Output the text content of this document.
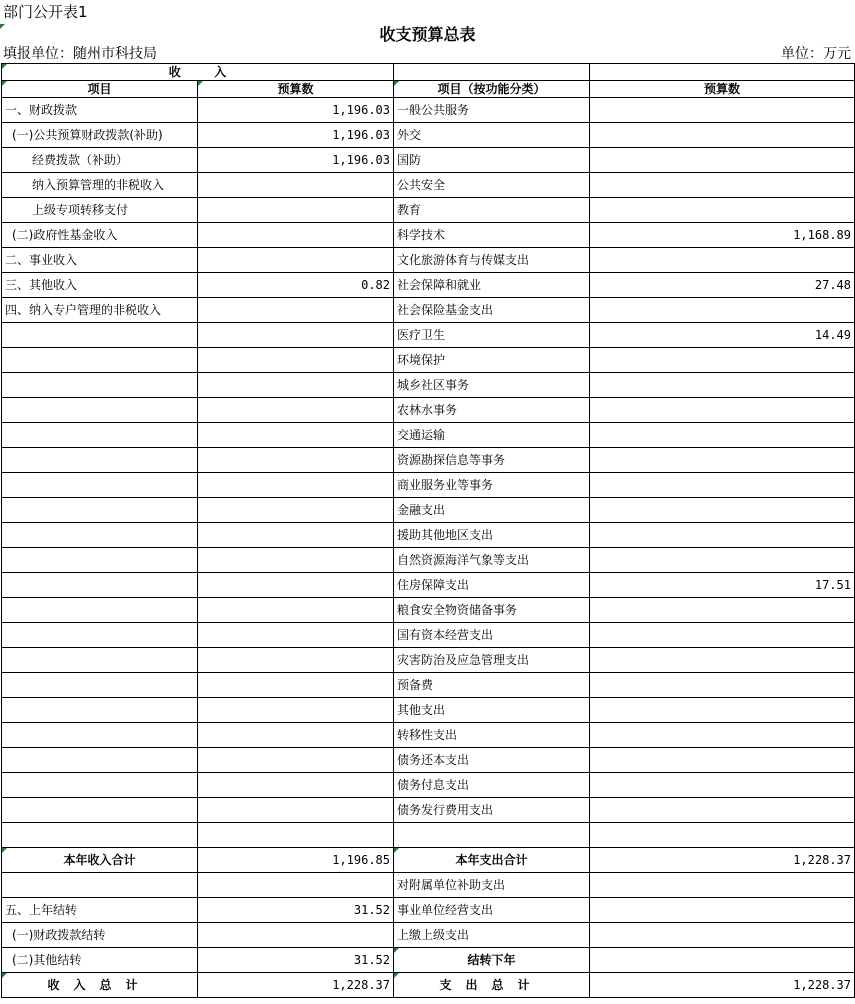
部门公开表1
收支预算总表
填报单位：随州市科技局	单位：万元
收        入			
项目	预算数	项目（按功能分类）	预算数
一、财政拨款	1,196.03	一般公共服务	
(一)公共预算财政拨款(补助)	1,196.03	外交	
经费拨款（补助）	1,196.03	国防	
纳入预算管理的非税收入		公共安全	
上级专项转移支付		教育	
(二)政府性基金收入		科学技术	1,168.89
二、事业收入		文化旅游体育与传媒支出	
三、其他收入	0.82	社会保障和就业	27.48
四、纳入专户管理的非税收入		社会保险基金支出	
		医疗卫生	14.49
		环境保护	
		城乡社区事务	
		农林水事务	
		交通运输	
		资源勘探信息等事务	
		商业服务业等事务	
		金融支出	
		援助其他地区支出	
		自然资源海洋气象等支出	
		住房保障支出	17.51
		粮食安全物资储备事务	
		国有资本经营支出	
		灾害防治及应急管理支出	
		预备费	
		其他支出	
		转移性支出	
		债务还本支出	
		债务付息支出	
		债务发行费用支出	

本年收入合计	1,196.85	本年支出合计	1,228.37
		对附属单位补助支出	
五、上年结转	31.52	事业单位经营支出	
(一)财政拨款结转		上缴上级支出	
(二)其他结转	31.52	结转下年	
收入总计	1,228.37	支出总计	1,228.37
